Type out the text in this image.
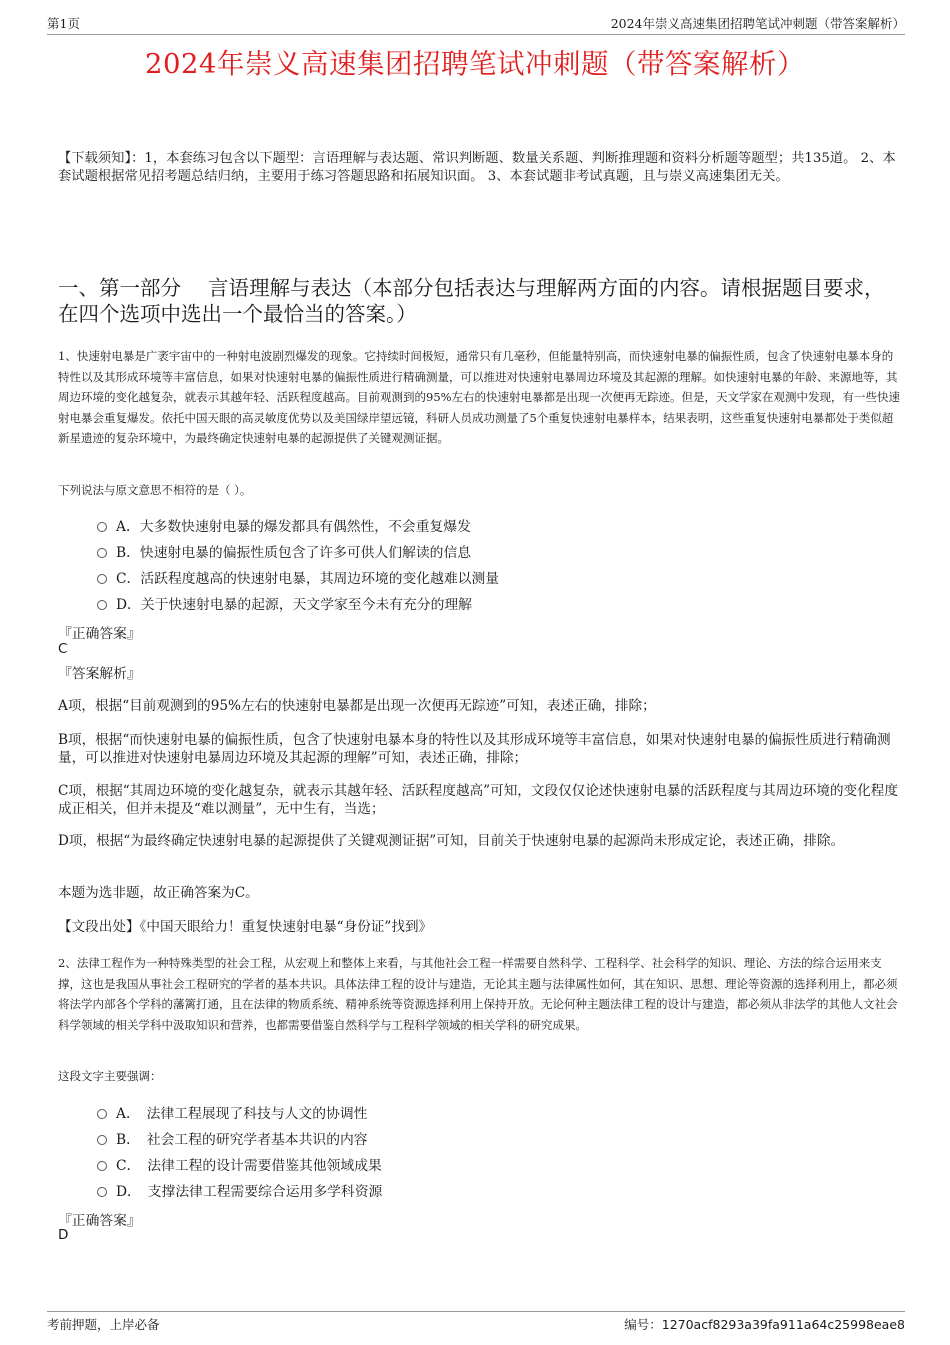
第1页	2024年崇义高速集团招聘笔试冲刺题（带答案解析）
2024年崇义高速集团招聘笔试冲刺题（带答案解析）
【下载须知】：1，本套练习包含以下题型：言语理解与表达题、常识判断题、数量关系题、判断推理题和资料分析题等题型；共135道。 2、本套试题根据常见招考题总结归纳，主要用于练习答题思路和拓展知识面。 3、本套试题非考试真题，且与崇义高速集团无关。
一、第一部分　 言语理解与表达（本部分包括表达与理解两方面的内容。请根据题目要求，在四个选项中选出一个最恰当的答案。）
1、快速射电暴是广袤宇宙中的一种射电波剧烈爆发的现象。它持续时间极短，通常只有几毫秒，但能量特别高，而快速射电暴的偏振性质，包含了快速射电暴本身的特性以及其形成环境等丰富信息，如果对快速射电暴的偏振性质进行精确测量，可以推进对快速射电暴周边环境及其起源的理解。如快速射电暴的年龄、来源地等，其周边环境的变化越复杂，就表示其越年轻、活跃程度越高。目前观测到的95%左右的快速射电暴都是出现一次便再无踪迹。但是，天文学家在观测中发现，有一些快速射电暴会重复爆发。依托中国天眼的高灵敏度优势以及美国绿岸望远镜，科研人员成功测量了5个重复快速射电暴样本，结果表明，这些重复快速射电暴都处于类似超新星遗迹的复杂环境中，为最终确定快速射电暴的起源提供了关键观测证据。
下列说法与原文意思不相符的是（ ）。
A．大多数快速射电暴的爆发都具有偶然性，不会重复爆发
B．快速射电暴的偏振性质包含了许多可供人们解读的信息
C．活跃程度越高的快速射电暴，其周边环境的变化越难以测量
D．关于快速射电暴的起源，天文学家至今未有充分的理解
『正确答案』
C
『答案解析』
A项，根据“目前观测到的95%左右的快速射电暴都是出现一次便再无踪迹”可知，表述正确，排除；
B项，根据“而快速射电暴的偏振性质，包含了快速射电暴本身的特性以及其形成环境等丰富信息，如果对快速射电暴的偏振性质进行精确测量，可以推进对快速射电暴周边环境及其起源的理解”可知，表述正确，排除；
C项，根据“其周边环境的变化越复杂，就表示其越年轻、活跃程度越高”可知，文段仅仅论述快速射电暴的活跃程度与其周边环境的变化程度成正相关，但并未提及“难以测量”，无中生有，当选；
D项，根据“为最终确定快速射电暴的起源提供了关键观测证据”可知，目前关于快速射电暴的起源尚未形成定论，表述正确，排除。
本题为选非题，故正确答案为C。
【文段出处】《中国天眼给力！重复快速射电暴“身份证”找到》
2、法律工程作为一种特殊类型的社会工程，从宏观上和整体上来看，与其他社会工程一样需要自然科学、工程科学、社会科学的知识、理论、方法的综合运用来支撑，这也是我国从事社会工程研究的学者的基本共识。具体法律工程的设计与建造，无论其主题与法律属性如何，其在知识、思想、理论等资源的选择利用上，都必须将法学内部各个学科的藩篱打通，且在法律的物质系统、精神系统等资源选择利用上保持开放。无论何种主题法律工程的设计与建造，都必须从非法学的其他人文社会科学领域的相关学科中汲取知识和营养，也都需要借鉴自然科学与工程科学领域的相关学科的研究成果。
这段文字主要强调：
A．　法律工程展现了科技与人文的协调性
B．　社会工程的研究学者基本共识的内容
C．　法律工程的设计需要借鉴其他领域成果
D．　支撑法律工程需要综合运用多学科资源
『正确答案』
D
考前押题，上岸必备	编号：1270acf8293a39fa911a64c25998eae8
